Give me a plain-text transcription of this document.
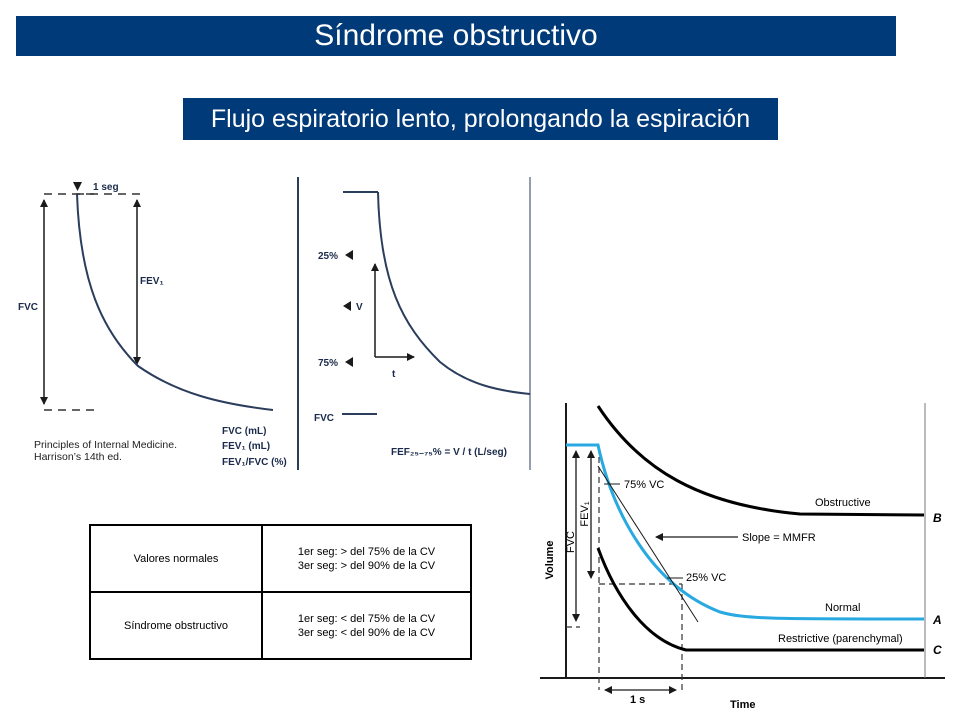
Síndrome obstructivo
Flujo espiratorio lento, prolongando la espiración
1 seg
FVC
FEV₁
FVC (mL)
FEV₁ (mL)
FEV₁/FVC (%)
25%
V
75%
t
FVC
FEF₂₅₋₇₅% = V / t (L/seg)
Volume
Time
FVC
FEV₁
1 s
75% VC
25% VC
Slope = MMFR
Obstructive
B
Normal
A
Restrictive (parenchymal)
C
Principles of Internal Medicine. Harrison’s 14th ed.
Valores normales	1er seg: > del 75% de la CV
3er seg: > del 90% de la CV

Síndrome obstructivo	1er seg: < del 75% de la CV
3er seg: < del 90% de la CV
